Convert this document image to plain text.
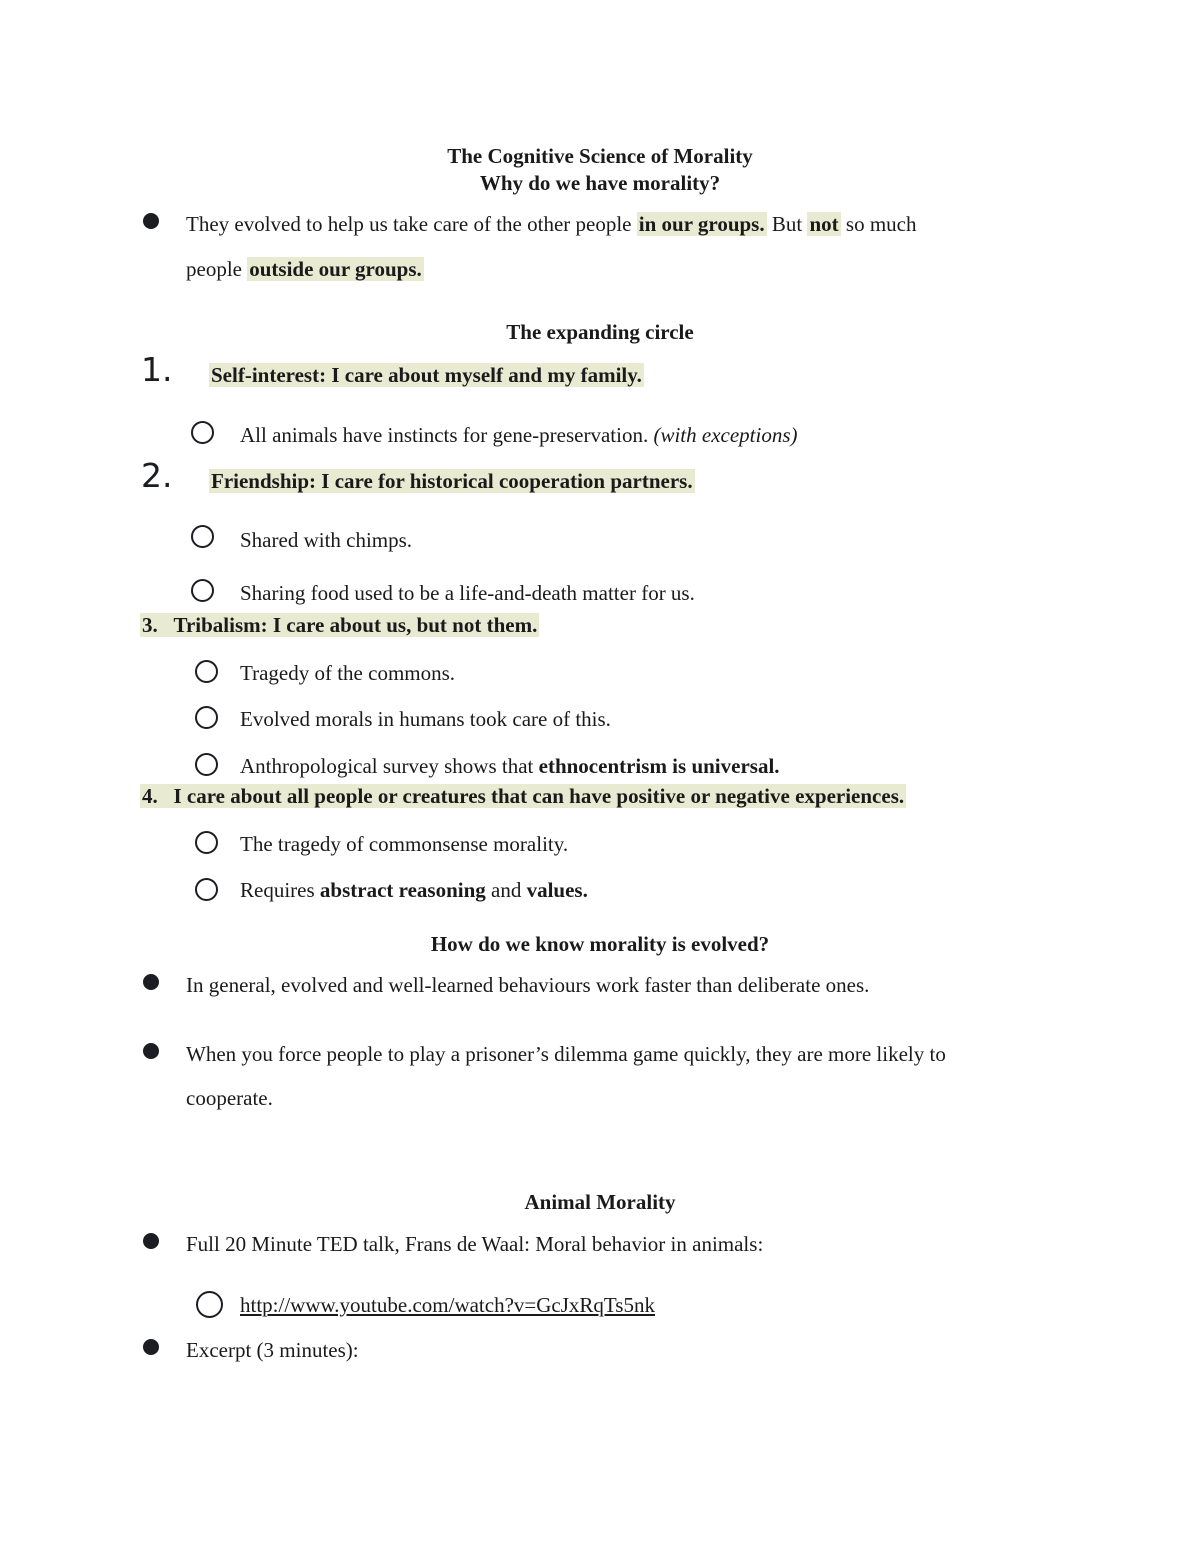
The Cognitive Science of Morality
Why do we have morality?
They evolved to help us take care of the other people in our groups. But not so much
people outside our groups.
The expanding circle
1. Self-interest: I care about myself and my family.
All animals have instincts for gene-preservation. (with exceptions)
2. Friendship: I care for historical cooperation partners.
Shared with chimps.
Sharing food used to be a life-and-death matter for us.
3. Tribalism: I care about us, but not them.
Tragedy of the commons.
Evolved morals in humans took care of this.
Anthropological survey shows that ethnocentrism is universal.
4. I care about all people or creatures that can have positive or negative experiences.
The tragedy of commonsense morality.
Requires abstract reasoning and values.
How do we know morality is evolved?
In general, evolved and well-learned behaviours work faster than deliberate ones.
When you force people to play a prisoner’s dilemma game quickly, they are more likely to
cooperate.
Animal Morality
Full 20 Minute TED talk, Frans de Waal: Moral behavior in animals:
http://www.youtube.com/watch?v=GcJxRqTs5nk
Excerpt (3 minutes):
